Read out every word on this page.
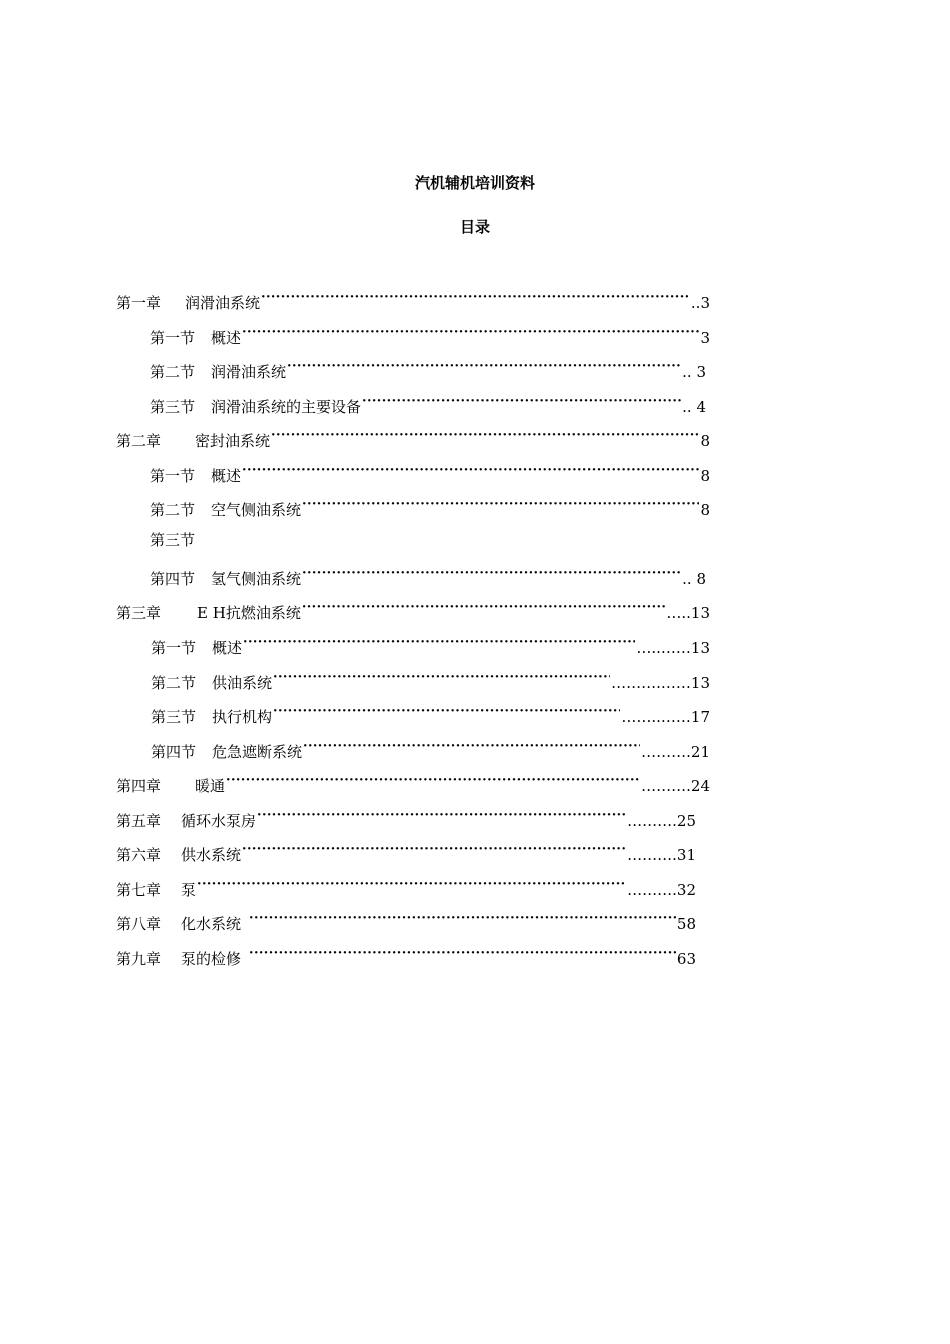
汽机辅机培训资料
目录
第一章 润滑油系统 ·····	..3
第一节 概述 ·····	3
第二节 润滑油系统 ·····	.. 3
第三节 润滑油系统的主要设备 ·····	.. 4
第二章 密封油系统 ·····	8
第一节 概述 ·····	8
第二节 空气侧油系统 ·····	8
第三节
第四节 氢气侧油系统 ·····	.. 8
第三章 E H抗燃油系统 ·····	…..13
第一节 概述 ·····	…..……13
第二节 供油系统 ·····	……….……13
第三节 执行机构 ·····	……..……17
第四节 危急遮断系统 ·····	……….21
第四章 暖通 ·····	……….24
第五章 循环水泵房 ·····	……….25
第六章 供水系统 ·····	……….31
第七章 泵 ·····	……….32
第八章 化水系统 ·····	58
第九章 泵的检修 ·····	63
